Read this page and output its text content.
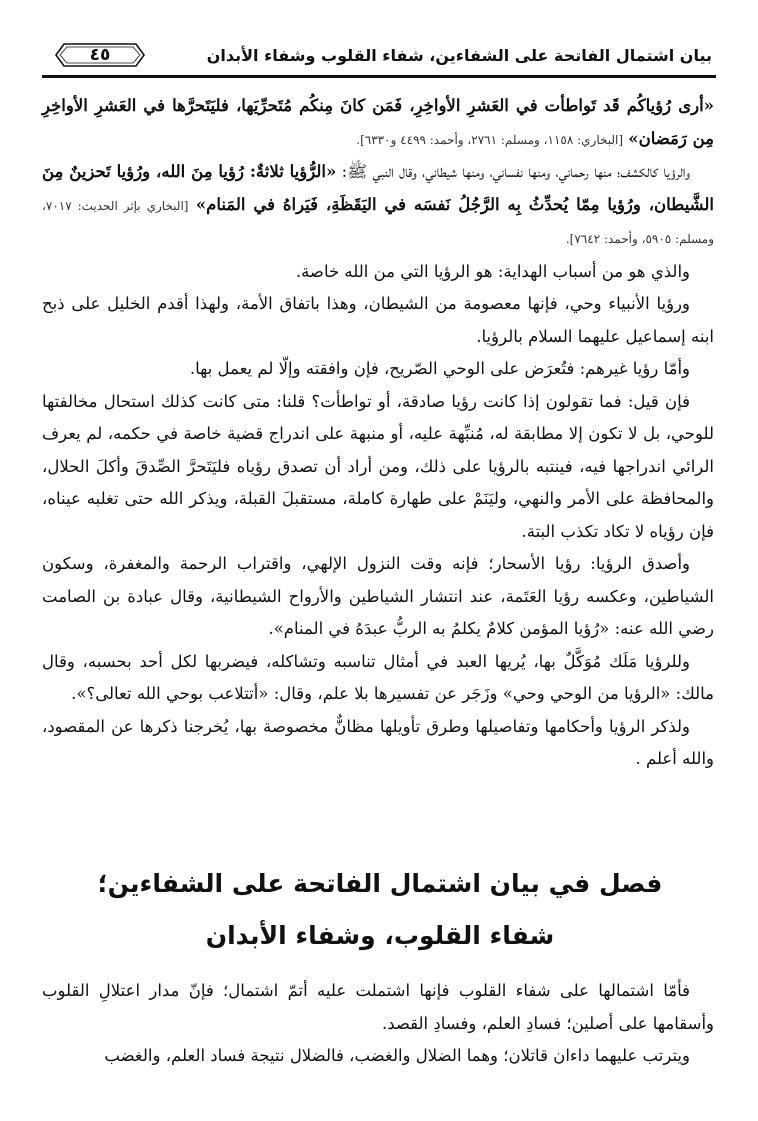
بيان اشتمال الفاتحة على الشفاءين، شفاء القلوب وشفاء الأبدان
٤٥

«أرى رُؤياكُم قَد تَواطأت في العَشرِ الأواخِرِ، فَمَن كانَ مِنكُم مُتَحرِّيَها، فليَتَحرَّها في العَشرِ الأواخِرِ مِن رَمَضان» [البخاري: ١١٥٨، ومسلم: ٢٧٦١، وأحمد: ٤٤٩٩ و٦٣٣٠].

والرؤيا كالكشف؛ منها رحماني، ومنها نفساني، ومنها شيطاني، وقال النبي ﷺ: «الرُّؤيا ثلاثةٌ: رُؤيا مِنَ الله، ورُؤيا تَحزينٌ مِنَ الشَّيطان، ورُؤيا مِمّا يُحدِّثُ بِه الرَّجُلُ نَفسَه في اليَقَظَةِ، فَيَراهُ في المَنام» [البخاري بإثر الحديث: ٧٠١٧، ومسلم: ٥٩٠٥، وأحمد: ٧٦٤٢].

والذي هو من أسباب الهداية: هو الرؤيا التي من الله خاصة.

ورؤيا الأنبياء وحي، فإنها معصومة من الشيطان، وهذا باتفاق الأمة، ولهذا أقدم الخليل على ذبح ابنه إسماعيل عليهما السلام بالرؤيا.

وأمّا رؤيا غيرهم: فتُعرَض على الوحي الصّريح، فإن وافقته وإلّا لم يعمل بها.

فإن قيل: فما تقولون إذا كانت رؤيا صادقة، أو تواطأت؟ قلنا: متى كانت كذلك استحال مخالفتها للوحي، بل لا تكون إلا مطابقة له، مُنبِّهة عليه، أو منبهة على اندراج قضية خاصة في حكمه، لم يعرف الرائي اندراجها فيه، فينتبه بالرؤيا على ذلك، ومن أراد أن تصدق رؤياه فليَتَحرَّ الصِّدقَ وأكلَ الحلال، والمحافظة على الأمر والنهي، وليَنَمْ على طهارة كاملة، مستقبلَ القبلة، ويذكر الله حتى تغلبه عيناه، فإن رؤياه لا تكاد تكذب البتة.

وأصدق الرؤيا: رؤيا الأسحار؛ فإنه وقت النزول الإلهي، واقتراب الرحمة والمغفرة، وسكون الشياطين، وعكسه رؤيا العَتَمة، عند انتشار الشياطين والأرواح الشيطانية، وقال عبادة بن الصامت رضي الله عنه: «رُؤيا المؤمن كلامٌ يكلمُ به الربُّ عبدَهُ في المنام».

وللرؤيا مَلَك مُوَكَّلٌ بها، يُريها العبد في أمثال تناسبه وتشاكله، فيضربها لكل أحد بحسبه، وقال مالك: «الرؤيا من الوحي وحي» وزَجَر عن تفسيرها بلا علم، وقال: «أتتلاعب بوحي الله تعالى؟».

ولذكر الرؤيا وأحكامها وتفاصيلها وطرق تأويلها مظانٌّ مخصوصة بها، يُخرجنا ذكرها عن المقصود، والله أعلم .

فصل في بيان اشتمال الفاتحة على الشفاءين؛
شفاء القلوب، وشفاء الأبدان

فأمّا اشتمالها على شفاء القلوب فإنها اشتملت عليه أتمّ اشتمال؛ فإنّ مدار اعتلالِ القلوب وأسقامها على أصلين؛ فسادِ العلم، وفسادِ القصد.

ويترتب عليهما داءان قاتلان؛ وهما الضلال والغضب، فالضلال نتيجة فساد العلم، والغضب
